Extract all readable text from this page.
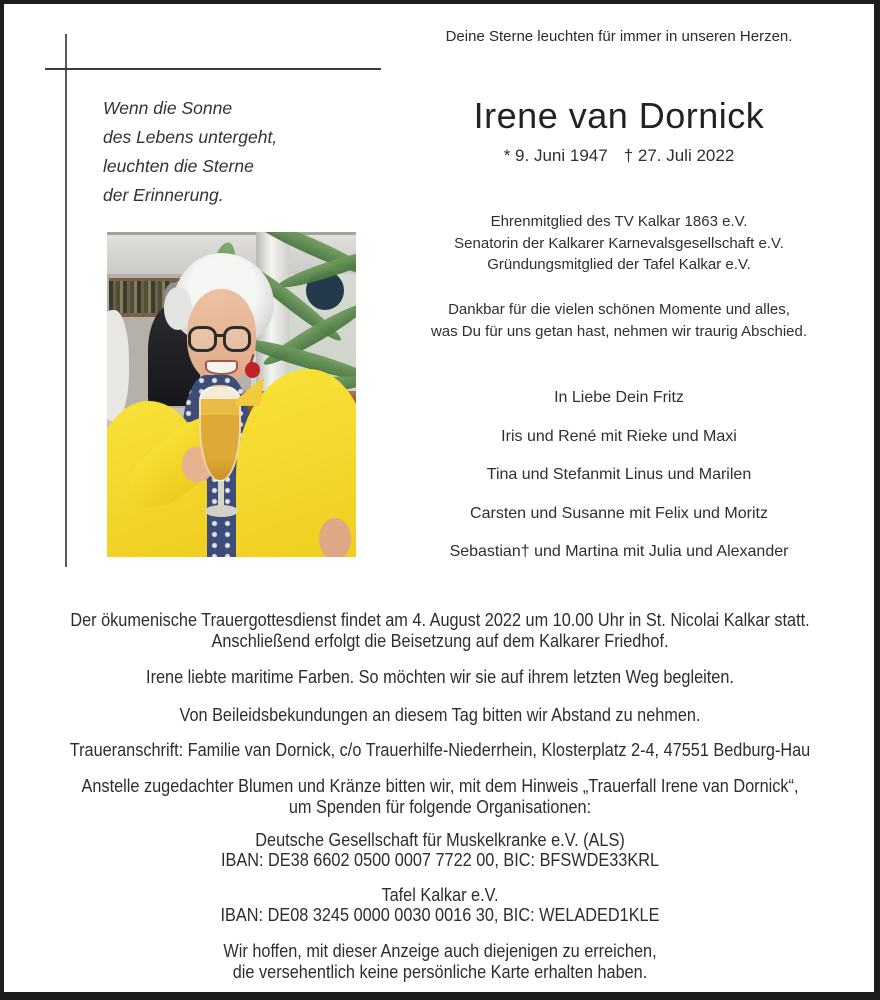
Deine Sterne leuchten für immer in unseren Herzen.
Wenn die Sonne
des Lebens untergeht,
leuchten die Sterne
der Erinnerung.
Irene van Dornick
* 9. Juni 1947 † 27. Juli 2022
Ehrenmitglied des TV Kalkar 1863 e.V.
Senatorin der Kalkarer Karnevalsgesellschaft e.V.
Gründungsmitglied der Tafel Kalkar e.V.
Dankbar für die vielen schönen Momente und alles,
was Du für uns getan hast, nehmen wir traurig Abschied.
In Liebe Dein Fritz
Iris und René mit Rieke und Maxi
Tina und Stefanmit Linus und Marilen
Carsten und Susanne mit Felix und Moritz
Sebastian† und Martina mit Julia und Alexander
Der ökumenische Trauergottesdienst findet am 4. August 2022 um 10.00 Uhr in St. Nicolai Kalkar statt.
Anschließend erfolgt die Beisetzung auf dem Kalkarer Friedhof.
Irene liebte maritime Farben. So möchten wir sie auf ihrem letzten Weg begleiten.
Von Beileidsbekundungen an diesem Tag bitten wir Abstand zu nehmen.
Traueranschrift: Familie van Dornick, c/o Trauerhilfe-Niederrhein, Klosterplatz 2-4, 47551 Bedburg-Hau
Anstelle zugedachter Blumen und Kränze bitten wir, mit dem Hinweis „Trauerfall Irene van Dornick“,
um Spenden für folgende Organisationen:
Deutsche Gesellschaft für Muskelkranke e.V. (ALS)
IBAN: DE38 6602 0500 0007 7722 00, BIC: BFSWDE33KRL
Tafel Kalkar e.V.
IBAN: DE08 3245 0000 0030 0016 30, BIC: WELADED1KLE
Wir hoffen, mit dieser Anzeige auch diejenigen zu erreichen,
die versehentlich keine persönliche Karte erhalten haben.
